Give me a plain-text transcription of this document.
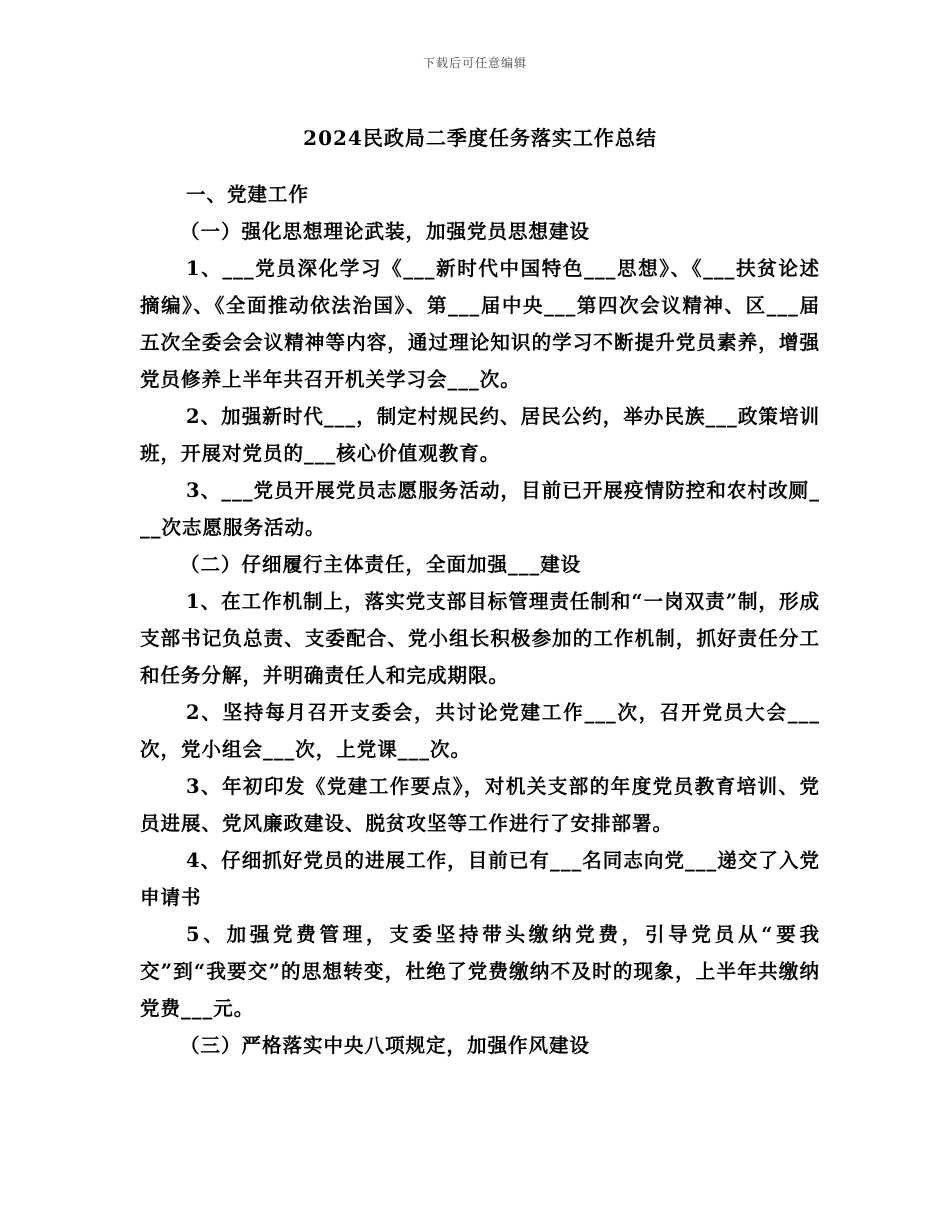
下载后可任意编辑
2024民政局二季度任务落实工作总结

一、党建工作

（一）强化思想理论武装，加强党员思想建设

1、___党员深化学习《___新时代中国特色___思想》、《___扶贫论述摘编》、《全面推动依法治国》、第___届中央___第四次会议精神、区___届五次全委会会议精神等内容，通过理论知识的学习不断提升党员素养，增强党员修养上半年共召开机关学习会___次。

2、加强新时代___，制定村规民约、居民公约，举办民族___政策培训班，开展对党员的___核心价值观教育。

3、___党员开展党员志愿服务活动，目前已开展疫情防控和农村改厕___次志愿服务活动。

（二）仔细履行主体责任，全面加强___建设

1、在工作机制上，落实党支部目标管理责任制和“一岗双责”制，形成支部书记负总责、支委配合、党小组长积极参加的工作机制，抓好责任分工和任务分解，并明确责任人和完成期限。

2、坚持每月召开支委会，共讨论党建工作___次，召开党员大会___次，党小组会___次，上党课___次。

3、年初印发《党建工作要点》，对机关支部的年度党员教育培训、党员进展、党风廉政建设、脱贫攻坚等工作进行了安排部署。

4、仔细抓好党员的进展工作，目前已有___名同志向党___递交了入党申请书

5、加强党费管理，支委坚持带头缴纳党费，引导党员从“要我交”到“我要交”的思想转变，杜绝了党费缴纳不及时的现象，上半年共缴纳党费___元。

（三）严格落实中央八项规定，加强作风建设
